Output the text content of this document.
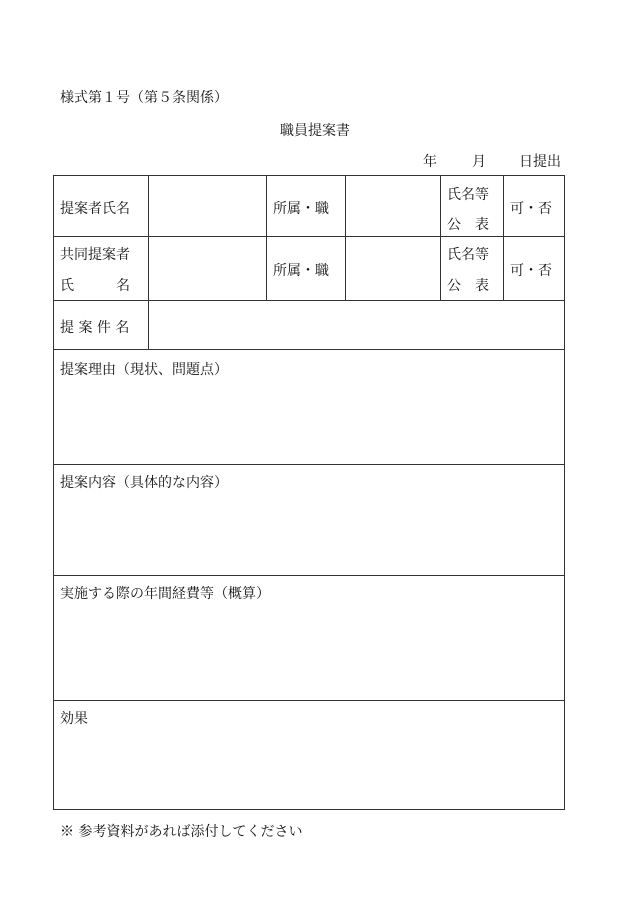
様式第１号（第５条関係）
職員提案書
年	月 日提出
提案者氏名	所属・職
氏名等
公　表
可・否
共同提案者
氏　　　名
所属・職
氏名等
公　表
可・否
提 案 件 名
提案理由（現状、問題点）
提案内容（具体的な内容）
実施する際の年間経費等（概算）
効果
※ 参考資料があれば添付してください
